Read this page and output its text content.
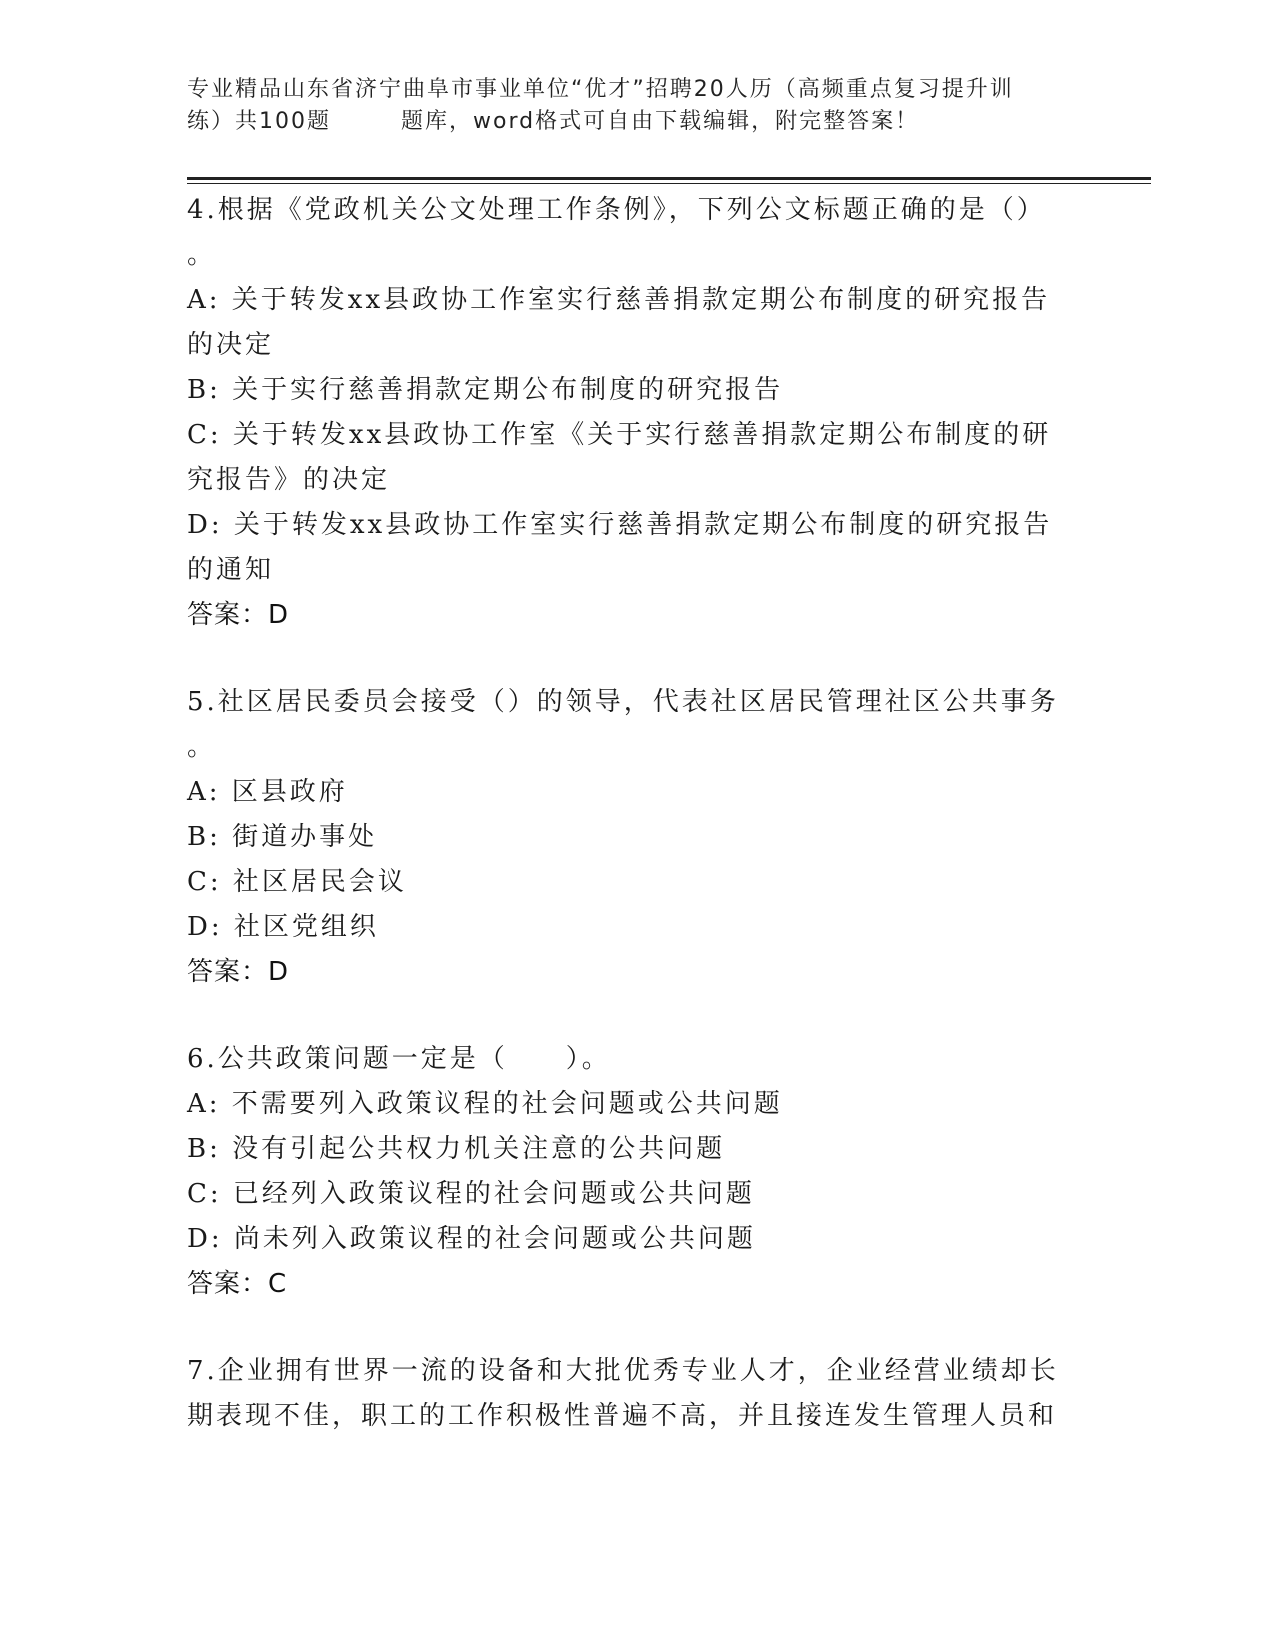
专业精品山东省济宁曲阜市事业单位“优才”招聘20人历（高频重点复习提升训
练）共100题	题库，word格式可自由下载编辑，附完整答案！
4.根据《党政机关公文处理工作条例》，下列公文标题正确的是（）
。
A: 关于转发xx县政协工作室实行慈善捐款定期公布制度的研究报告
的决定
B: 关于实行慈善捐款定期公布制度的研究报告
C: 关于转发xx县政协工作室《关于实行慈善捐款定期公布制度的研
究报告》的决定
D: 关于转发xx县政协工作室实行慈善捐款定期公布制度的研究报告
的通知
答案：D
5.社区居民委员会接受（）的领导，代表社区居民管理社区公共事务
。
A: 区县政府
B: 街道办事处
C: 社区居民会议
D: 社区党组织
答案：D
6.公共政策问题一定是（　　）。
A: 不需要列入政策议程的社会问题或公共问题
B: 没有引起公共权力机关注意的公共问题
C: 已经列入政策议程的社会问题或公共问题
D: 尚未列入政策议程的社会问题或公共问题
答案：C
7.企业拥有世界一流的设备和大批优秀专业人才，企业经营业绩却长
期表现不佳，职工的工作积极性普遍不高，并且接连发生管理人员和
